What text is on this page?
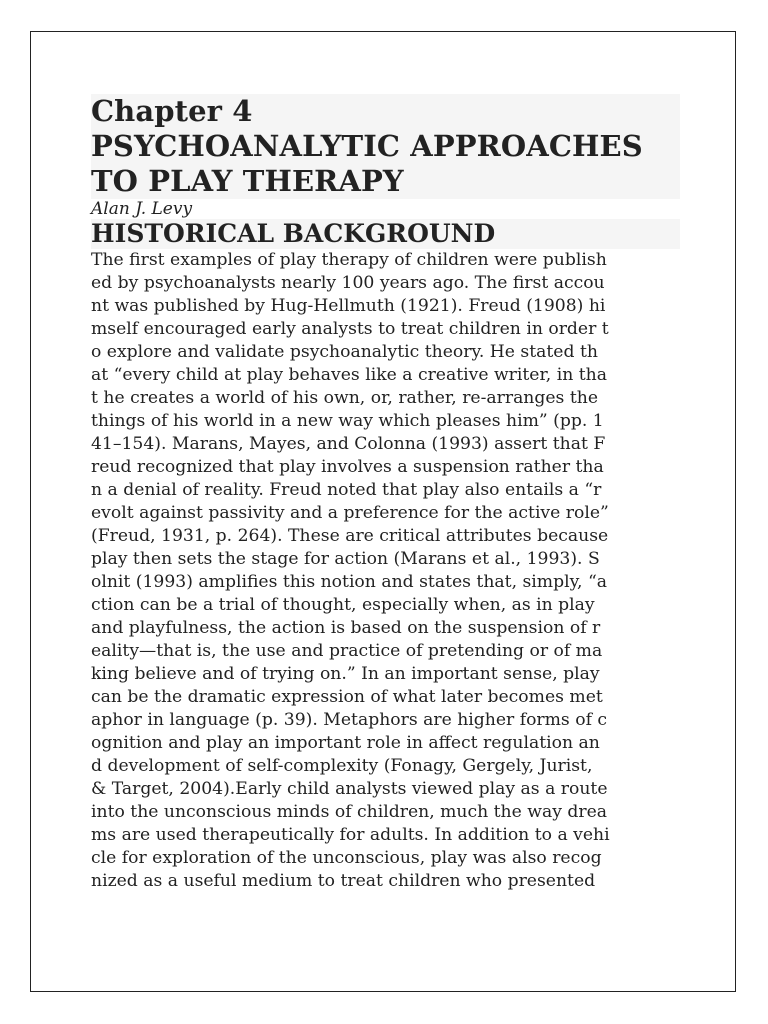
Chapter 4
PSYCHOANALYTIC APPROACHES
TO PLAY THERAPY

Alan J. Levy

HISTORICAL BACKGROUND
The first examples of play therapy of children were publish
ed by psychoanalysts nearly 100 years ago. The first accou
nt was published by Hug-Hellmuth (1921). Freud (1908) hi
mself encouraged early analysts to treat children in order t
o explore and validate psychoanalytic theory. He stated th
at “every child at play behaves like a creative writer, in tha
t he creates a world of his own, or, rather, re-arranges the
things of his world in a new way which pleases him” (pp. 1
41–154). Marans, Mayes, and Colonna (1993) assert that F
reud recognized that play involves a suspension rather tha
n a denial of reality. Freud noted that play also entails a “r
evolt against passivity and a preference for the active role”
(Freud, 1931, p. 264). These are critical attributes because
play then sets the stage for action (Marans et al., 1993). S
olnit (1993) amplifies this notion and states that, simply, “a
ction can be a trial of thought, especially when, as in play
and playfulness, the action is based on the suspension of r
eality—that is, the use and practice of pretending or of ma
king believe and of trying on.” In an important sense, play
can be the dramatic expression of what later becomes met
aphor in language (p. 39). Metaphors are higher forms of c
ognition and play an important role in affect regulation an
d development of self-complexity (Fonagy, Gergely, Jurist,
& Target, 2004).Early child analysts viewed play as a route
into the unconscious minds of children, much the way drea
ms are used therapeutically for adults. In addition to a vehi
cle for exploration of the unconscious, play was also recog
nized as a useful medium to treat children who presented
